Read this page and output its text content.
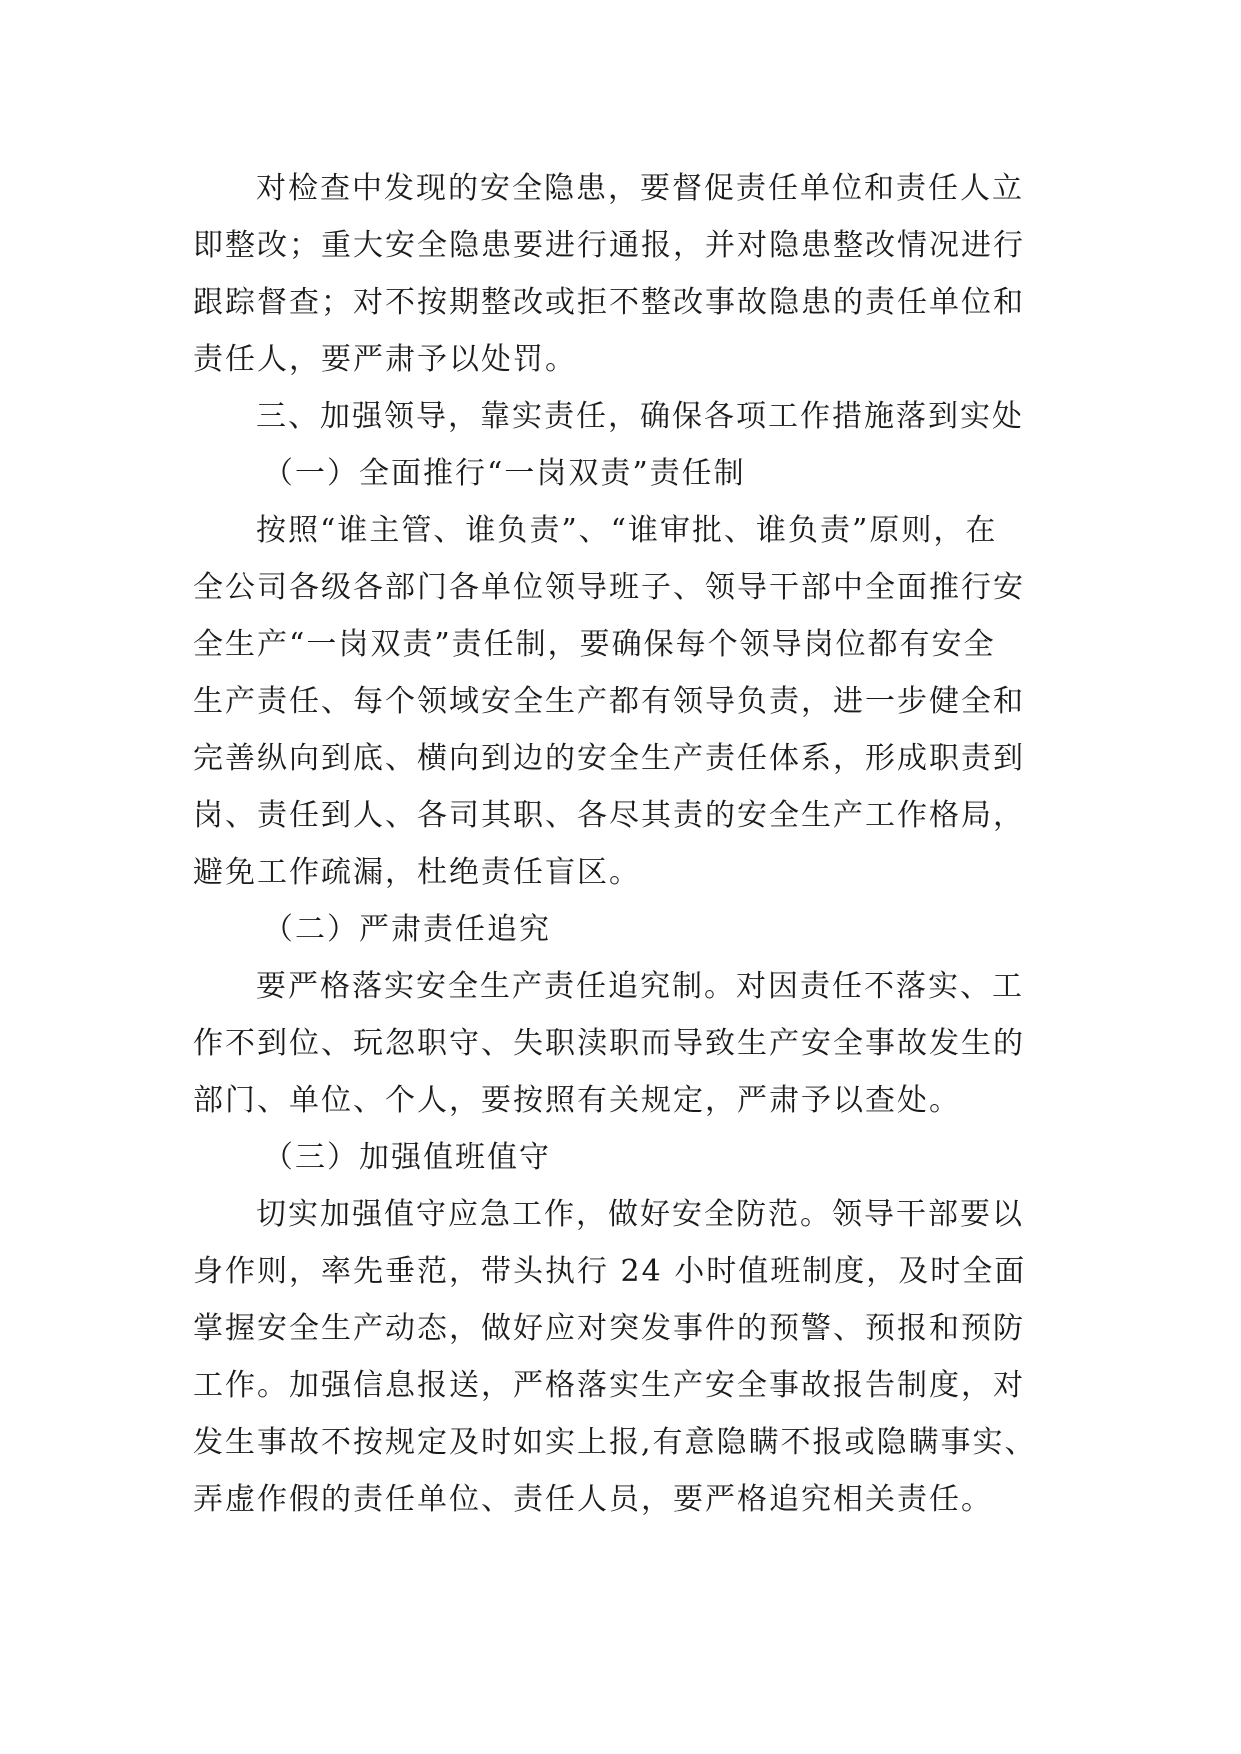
对检查中发现的安全隐患，要督促责任单位和责任人立
即整改；重大安全隐患要进行通报，并对隐患整改情况进行
跟踪督查；对不按期整改或拒不整改事故隐患的责任单位和
责任人，要严肃予以处罚。
三、加强领导，靠实责任，确保各项工作措施落到实处
（一）全面推行“一岗双责”责任制
按照“谁主管、谁负责”、“谁审批、谁负责”原则，在
全公司各级各部门各单位领导班子、领导干部中全面推行安
全生产“一岗双责”责任制，要确保每个领导岗位都有安全
生产责任、每个领域安全生产都有领导负责，进一步健全和
完善纵向到底、横向到边的安全生产责任体系，形成职责到
岗、责任到人、各司其职、各尽其责的安全生产工作格局，
避免工作疏漏，杜绝责任盲区。
（二）严肃责任追究
要严格落实安全生产责任追究制。对因责任不落实、工
作不到位、玩忽职守、失职渎职而导致生产安全事故发生的
部门、单位、个人，要按照有关规定，严肃予以查处。
（三）加强值班值守
切实加强值守应急工作，做好安全防范。领导干部要以
身作则，率先垂范，带头执行 24 小时值班制度，及时全面
掌握安全生产动态，做好应对突发事件的预警、预报和预防
工作。加强信息报送，严格落实生产安全事故报告制度，对
发生事故不按规定及时如实上报,有意隐瞒不报或隐瞒事实、
弄虚作假的责任单位、责任人员，要严格追究相关责任。
